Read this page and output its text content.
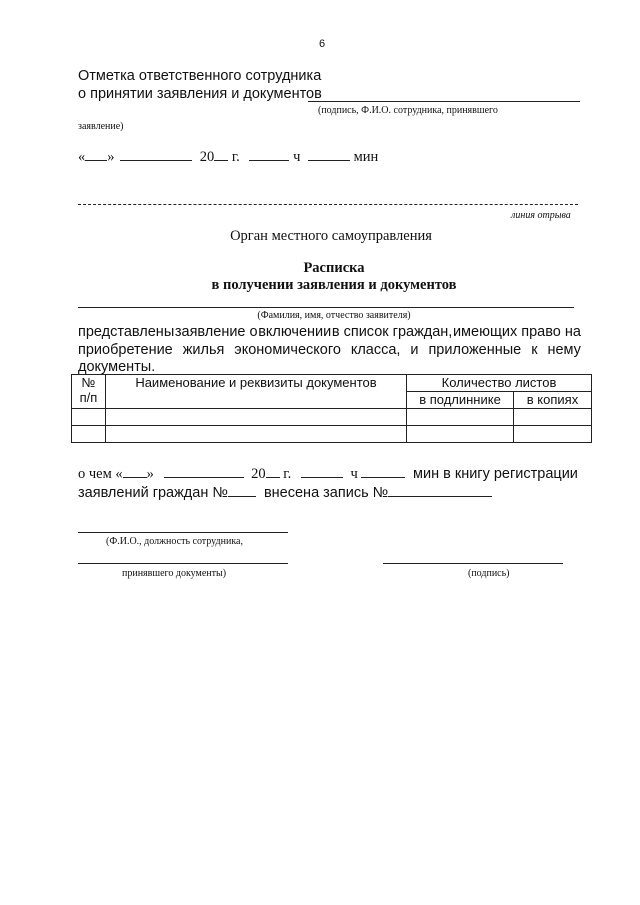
6
Отметка ответственного сотрудника
о принятии заявления и документов
(подпись, Ф.И.О. сотрудника, принявшего
заявление)
« »	20 г.	ч	мин
линия отрыва
Орган местного самоуправления
Расписка
в получении заявления и документов
(Фамилия, имя, отчество заявителя)
представлены заявление о включении в список граждан, имеющих право на
приобретение жилья экономического класса, и приложенные к нему
документы.
№
п/п	Наименование и реквизиты документов	Количество листов	
		в подлиннике	в копиях

о чем « »	20 г.	ч	мин в книгу регистрации
заявлений граждан № внесена запись №
(Ф.И.О., должность сотрудника,
принявшего документы)	(подпись)
